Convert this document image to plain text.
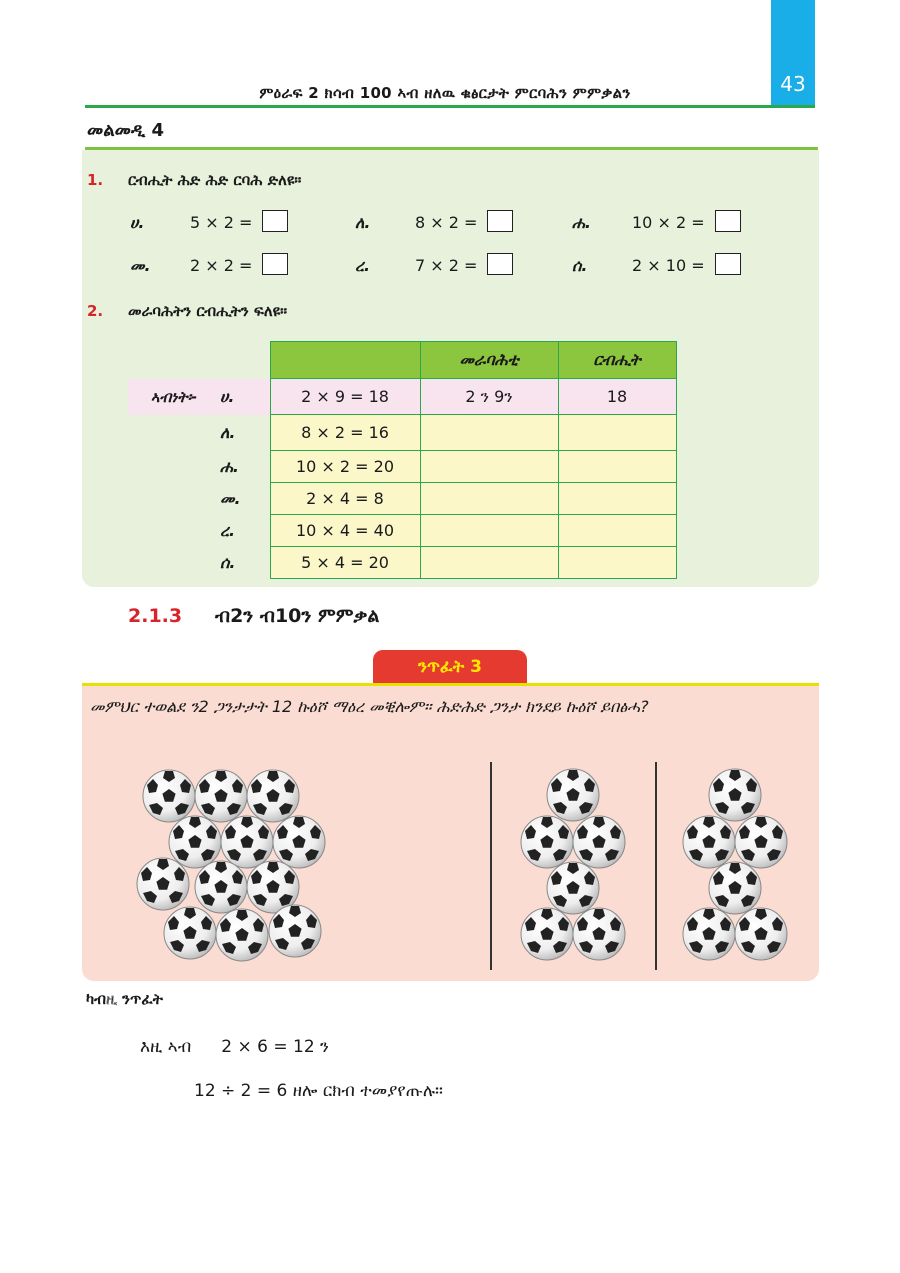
43
ምዕራፍ 2 ክሳብ 100 ኣብ ዘለዉ ቁፅርታት ምርባሕን ምምቃልን
መልመዲ 4
1. ርብሒት ሕድ ሕድ ርባሕ ድለዩ።
ሀ.	5 × 2 =	ለ.	8 × 2 =	ሐ.	10 × 2 =
መ. 2 × 2 =	ረ.	7 × 2 =	ሰ.	2 × 10 =
2. መራባሕትን ርብሒትን ፍለዩ።
			መራባሕቲ	ርብሒት
ኣብነት፡-	ሀ.	2 × 9 = 18	2 ን 9ን	18
	ለ.	8 × 2 = 16		
	ሐ.	10 × 2 = 20		
	መ.	2 × 4 = 8		
	ረ.	10 × 4 = 40		
	ሰ.	5 × 4 = 20		
2.1.3 ብ2ን ብ10ን ምምቃል
ንጥፈት 3
መምህር ተወልደ ን2 ጋንታታት 12 ኩዕሾ ማዕረ መቒሎም። ሕድሕድ ጋንታ ክንደይ ኩዕሾ ይበፅሓ?
ካብዚ ንጥፈት
እዚ ኣብ 2 × 6 = 12 ን
12 ÷ 2 = 6 ዘሎ ርክብ ተመያየጡሉ።
